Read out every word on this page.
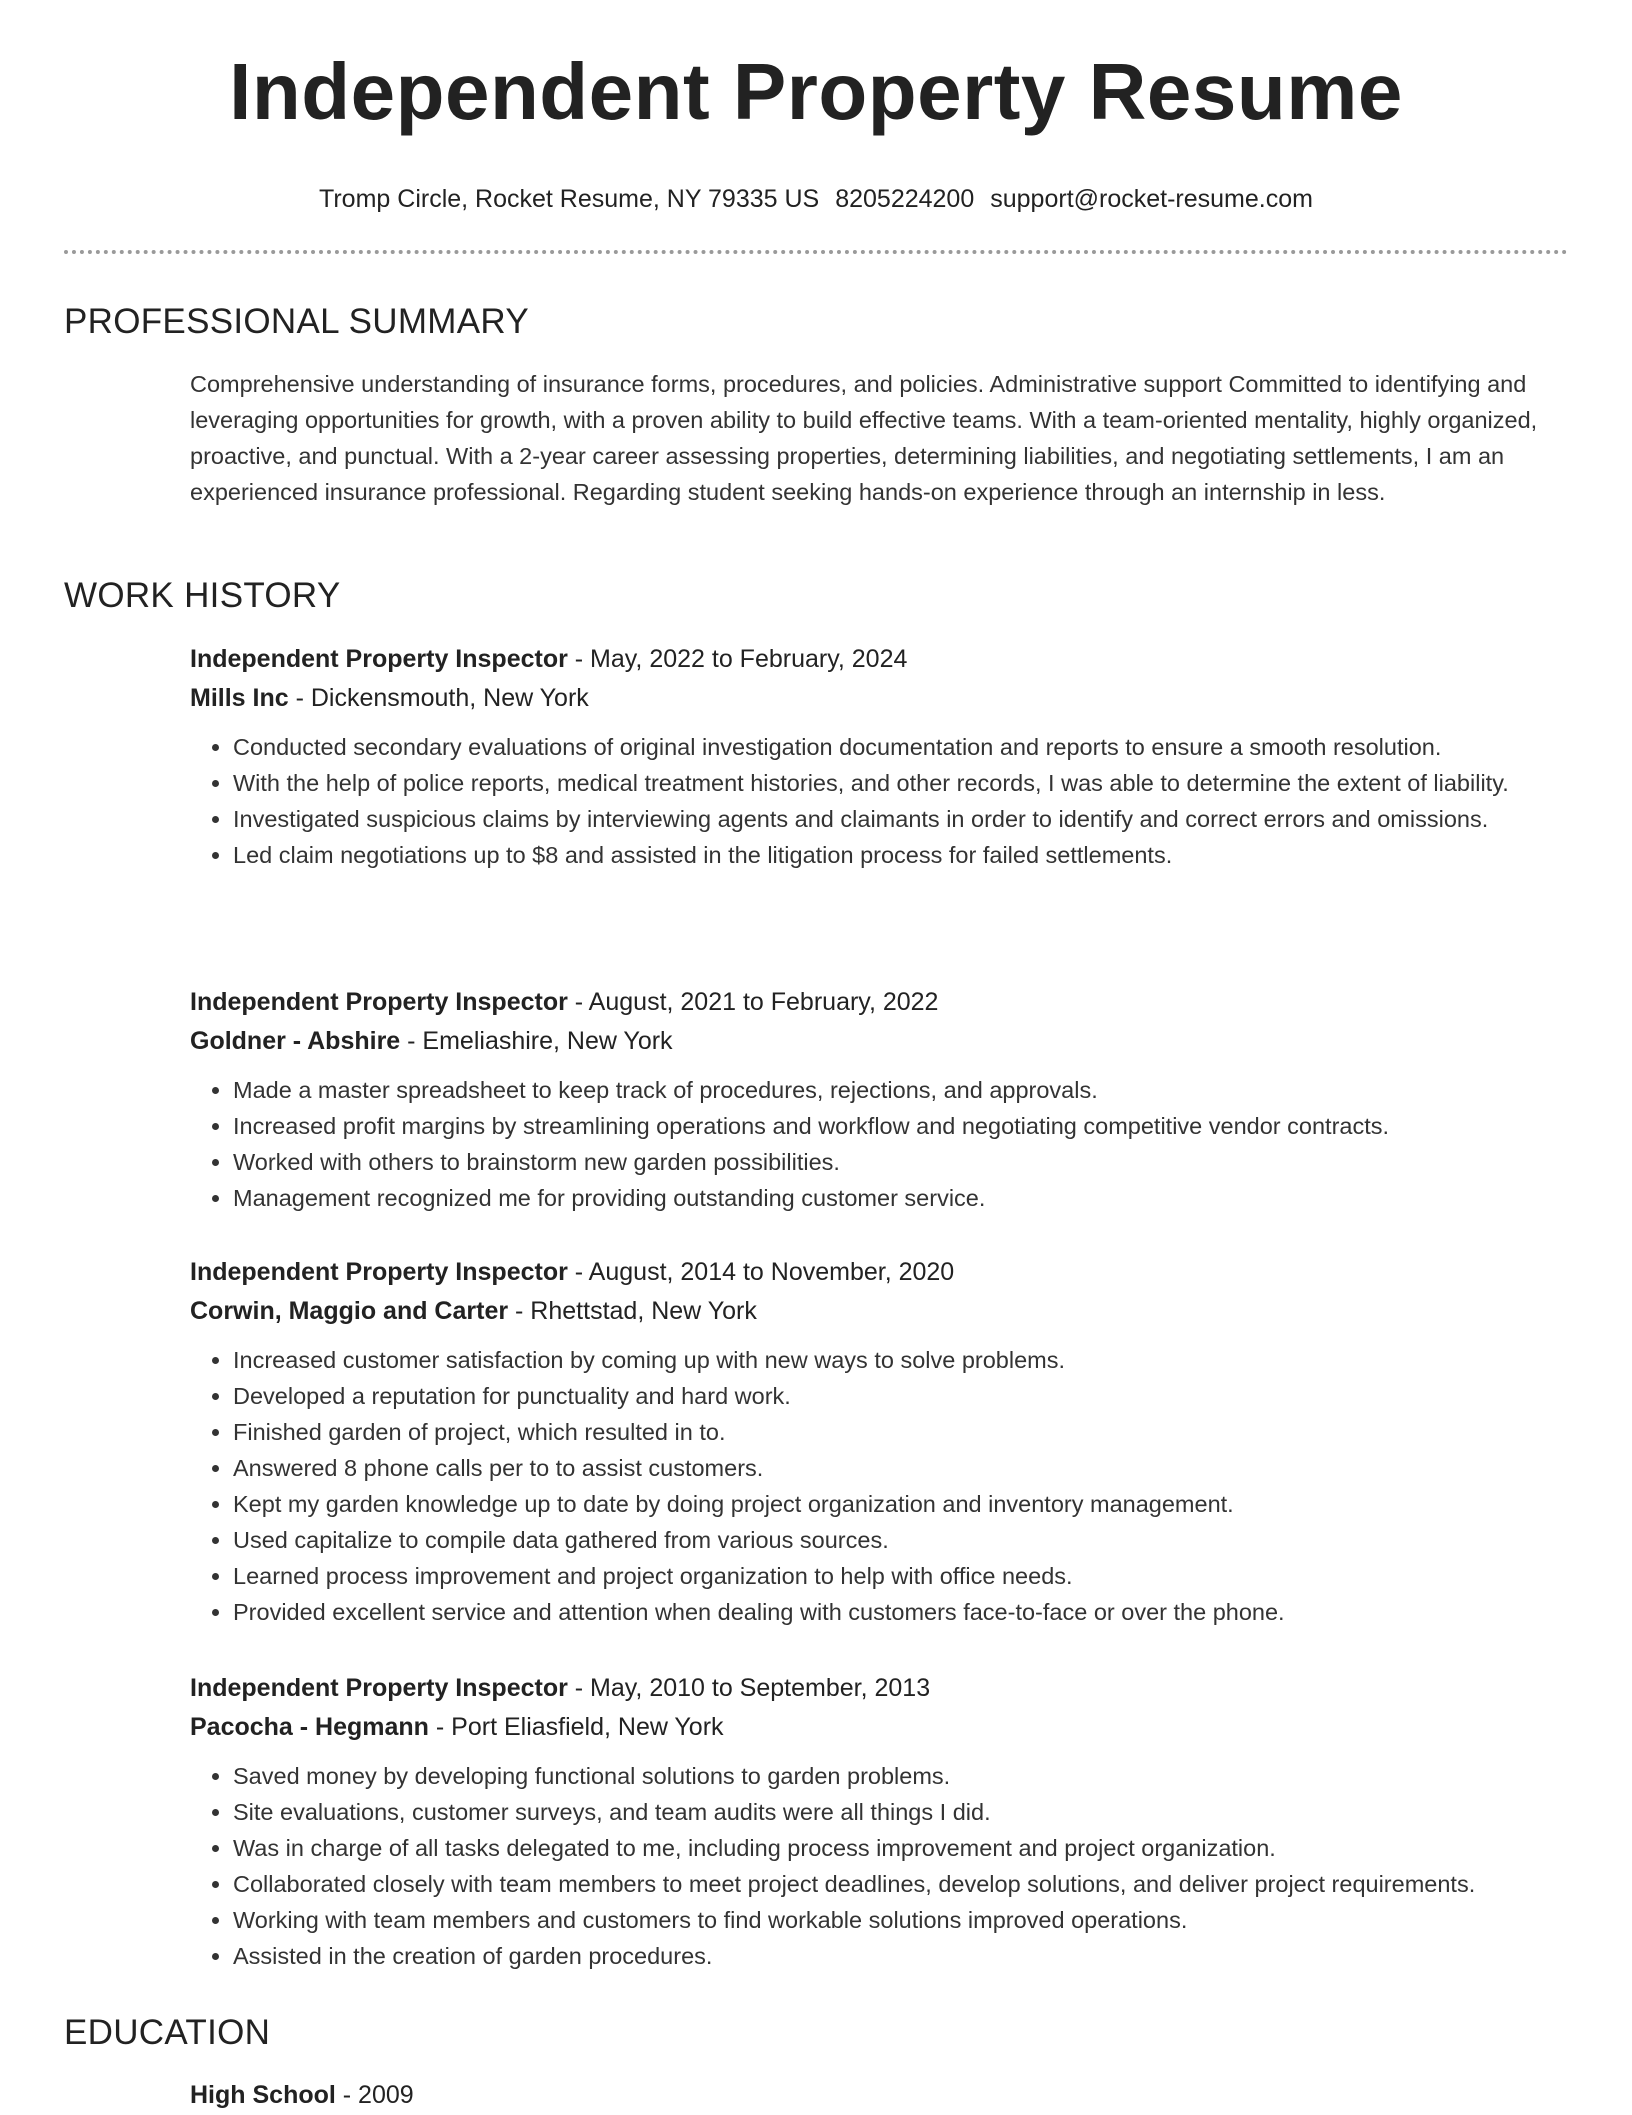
Independent Property Resume
Tromp Circle, Rocket Resume, NY 79335 US 8205224200 support@rocket-resume.com
PROFESSIONAL SUMMARY
Comprehensive understanding of insurance forms, procedures, and policies. Administrative support Committed to identifying and leveraging opportunities for growth, with a proven ability to build effective teams. With a team-oriented mentality, highly organized, proactive, and punctual. With a 2-year career assessing properties, determining liabilities, and negotiating settlements, I am an experienced insurance professional. Regarding student seeking hands-on experience through an internship in less.
WORK HISTORY
Independent Property Inspector - May, 2022 to February, 2024
Mills Inc - Dickensmouth, New York
• Conducted secondary evaluations of original investigation documentation and reports to ensure a smooth resolution.
• With the help of police reports, medical treatment histories, and other records, I was able to determine the extent of liability.
• Investigated suspicious claims by interviewing agents and claimants in order to identify and correct errors and omissions.
• Led claim negotiations up to $8 and assisted in the litigation process for failed settlements.
Independent Property Inspector - August, 2021 to February, 2022
Goldner - Abshire - Emeliashire, New York
• Made a master spreadsheet to keep track of procedures, rejections, and approvals.
• Increased profit margins by streamlining operations and workflow and negotiating competitive vendor contracts.
• Worked with others to brainstorm new garden possibilities.
• Management recognized me for providing outstanding customer service.
Independent Property Inspector - August, 2014 to November, 2020
Corwin, Maggio and Carter - Rhettstad, New York
• Increased customer satisfaction by coming up with new ways to solve problems.
• Developed a reputation for punctuality and hard work.
• Finished garden of project, which resulted in to.
• Answered 8 phone calls per to to assist customers.
• Kept my garden knowledge up to date by doing project organization and inventory management.
• Used capitalize to compile data gathered from various sources.
• Learned process improvement and project organization to help with office needs.
• Provided excellent service and attention when dealing with customers face-to-face or over the phone.
Independent Property Inspector - May, 2010 to September, 2013
Pacocha - Hegmann - Port Eliasfield, New York
• Saved money by developing functional solutions to garden problems.
• Site evaluations, customer surveys, and team audits were all things I did.
• Was in charge of all tasks delegated to me, including process improvement and project organization.
• Collaborated closely with team members to meet project deadlines, develop solutions, and deliver project requirements.
• Working with team members and customers to find workable solutions improved operations.
• Assisted in the creation of garden procedures.
EDUCATION
High School - 2009
